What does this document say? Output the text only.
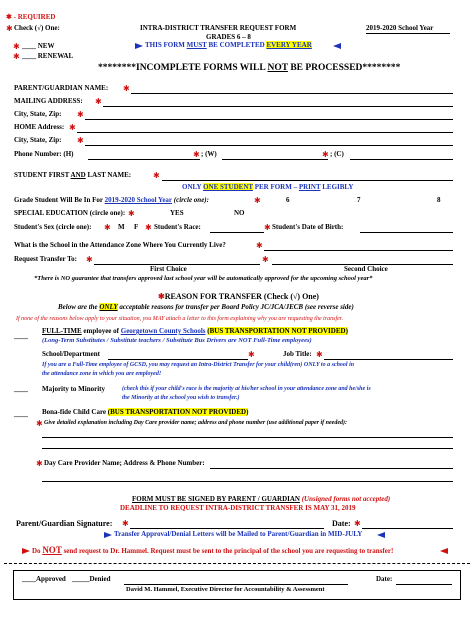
✱ - REQUIRED
✱ Check (√) One:
✱ ____ NEW
✱ ____ RENEWAL
INTRA-DISTRICT TRANSFER REQUEST FORM	2019-2020 School Year
GRADES 6 – 8
THIS FORM MUST BE COMPLETED EVERY YEAR
********INCOMPLETE FORMS WILL NOT BE PROCESSED********
PARENT/GUARDIAN NAME: ✱
MAILING ADDRESS: ✱
City, State, Zip: ✱
HOME Address: ✱
City, State, Zip: ✱
Phone Number: (H)	✱ ; (W)	✱ ; (C)
STUDENT FIRST AND LAST NAME:	✱
ONLY ONE STUDENT PER FORM – PRINT LEGIBLY
Grade Student Will Be In For 2019-2020 School Year (circle one):	✱	6	7	8
SPECIAL EDUCATION (circle one): ✱	YES	NO
Student's Sex (circle one): ✱ M F ✱ Student's Race:	✱ Student's Date of Birth:
What is the School in the Attendance Zone Where You Currently Live?	✱
Request Transfer To: ✱	✱
First Choice	Second Choice
*There is NO guarantee that transfers approved last school year will be automatically approved for the upcoming school year*
✱REASON FOR TRANSFER (Check (√) One)
Below are the ONLY acceptable reasons for transfer per Board Policy JC/JCA/JECB (see reverse side)
If none of the reasons below apply to your situation, you MAY attach a letter to this form explaining why you are requesting the transfer.
____
FULL-TIME employee of Georgetown County Schools (BUS TRANSPORTATION NOT PROVIDED)
(Long-Term Substitutes / Substitute teachers / Substitute Bus Drivers are NOT Full-Time employees)
School/Department	✱	Job Title: ✱
If you are a Full-Time employee of GCSD, you may request an Intra-District Transfer for your child(ren) ONLY to a school in
the attendance zone in which you are employed!
____ Majority to Minority	(check this if your child's race is the majority at his/her school in your attendance zone and he/she is
the Minority at the school you wish to transfer.)
____ Bona-fide Child Care (BUS TRANSPORTATION NOT PROVIDED)
✱ Give detailed explanation including Day Care provider name; address and phone number (use additional paper if needed):
✱ Day Care Provider Name; Address & Phone Number:
FORM MUST BE SIGNED BY PARENT / GUARDIAN (Unsigned forms not accepted)
DEADLINE TO REQUEST INTRA-DISTRICT TRANSFER IS MAY 31, 2019
Parent/Guardian Signature: ✱	Date: ✱
Transfer Approval/Denial Letters will be Mailed to Parent/Guardian in MID-JULY
Do NOT send request to Dr. Hammel. Request must be sent to the principal of the school you are requesting to transfer!
____Approved _____Denied	Date:
David M. Hammel, Executive Director for Accountability & Assessment
